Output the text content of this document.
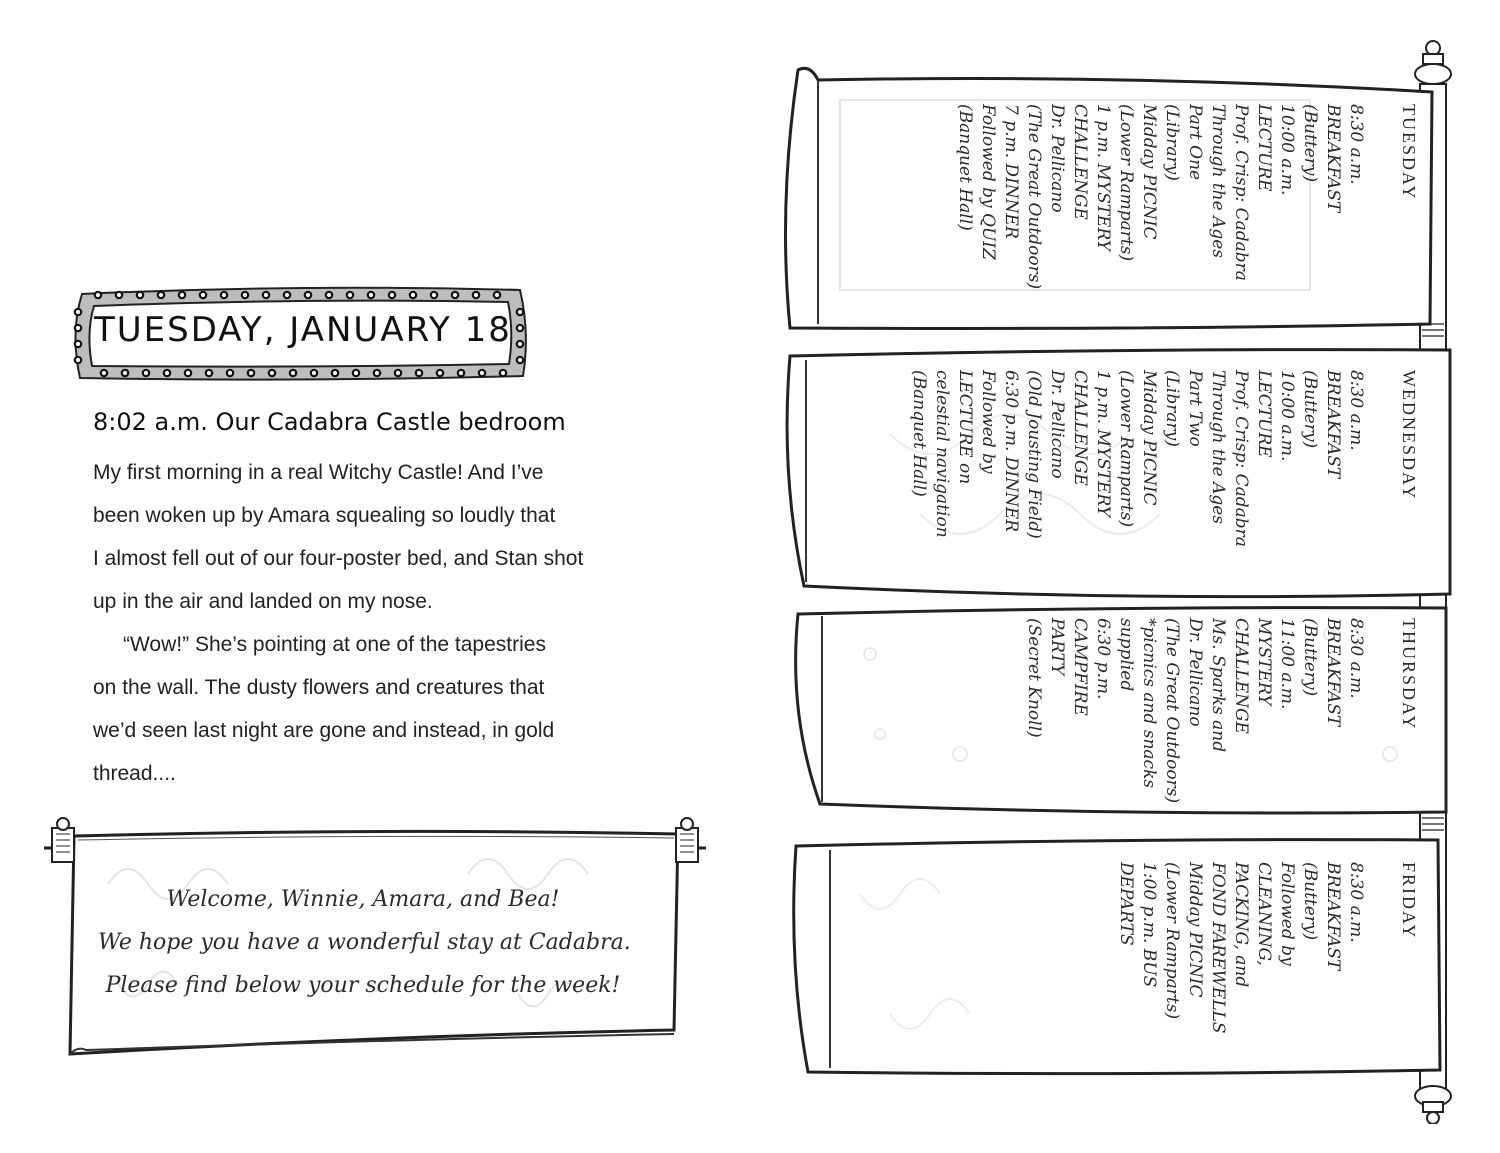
TUESDAY, JANUARY 18
8:02 a.m. Our Cadabra Castle bedroom
My first morning in a real Witchy Castle! And I’ve
been woken up by Amara squealing so loudly that
I almost fell out of our four-poster bed, and Stan shot
up in the air and landed on my nose.
“Wow!” She’s pointing at one of the tapestries
on the wall. The dusty flowers and creatures that
we’d seen last night are gone and instead, in gold
thread....
Welcome, Winnie, Amara, and Bea!
We hope you have a wonderful stay at Cadabra.
Please find below your schedule for the week!
TUESDAY
8:30 a.m.
BREAKFAST
(Buttery)
10:00 a.m.
LECTURE
Prof. Crisp: Cadabra
Through the Ages
Part One
(Library)
Midday PICNIC
(Lower Ramparts)
1 p.m. MYSTERY
CHALLENGE
Dr. Pellicano
(The Great Outdoors)
7 p.m. DINNER
Followed by QUIZ
(Banquet Hall)
WEDNESDAY
8:30 a.m.
BREAKFAST
(Buttery)
10:00 a.m.
LECTURE
Prof. Crisp: Cadabra
Through the Ages
Part Two
(Library)
Midday PICNIC
(Lower Ramparts)
1 p.m. MYSTERY
CHALLENGE
Dr. Pellicano
(Old Jousting Field)
6:30 p.m. DINNER
Followed by
LECTURE on
celestial navigation
(Banquet Hall)
THURSDAY
8:30 a.m.
BREAKFAST
(Buttery)
11:00 a.m.
MYSTERY
CHALLENGE
Ms. Sparks and
Dr. Pellicano
(The Great Outdoors)
*picnics and snacks
supplied
6:30 p.m.
CAMPFIRE
PARTY
(Secret Knoll)
FRIDAY
8:30 a.m.
BREAKFAST
(Buttery)
Followed by
CLEANING,
PACKING, and
FOND FAREWELLS
Midday PICNIC
(Lower Ramparts)
1:00 p.m. BUS
DEPARTS
